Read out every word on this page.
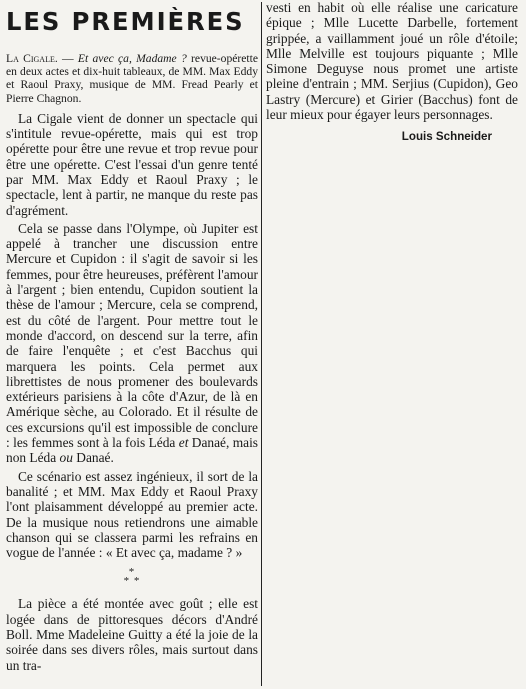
LES PREMIÈRES

La Cigale. — Et avec ça, Madame ? revue-opérette en deux actes et dix-huit tableaux, de MM. Max Eddy et Raoul Praxy, musique de MM. Fread Pearly et Pierre Chagnon.

La Cigale vient de donner un spectacle qui s'intitule revue-opérette, mais qui est trop opérette pour être une revue et trop revue pour être une opérette. C'est l'essai d'un genre tenté par MM. Max Eddy et Raoul Praxy ; le spectacle, lent à partir, ne manque du reste pas d'agrément.

Cela se passe dans l'Olympe, où Jupiter est appelé à trancher une discussion entre Mercure et Cupidon : il s'agit de savoir si les femmes, pour être heureuses, préfèrent l'amour à l'argent ; bien entendu, Cupidon soutient la thèse de l'amour ; Mercure, cela se comprend, est du côté de l'argent. Pour mettre tout le monde d'accord, on descend sur la terre, afin de faire l'enquête ; et c'est Bacchus qui marquera les points. Cela permet aux librettistes de nous promener des boulevards extérieurs parisiens à la côte d'Azur, de là en Amérique sèche, au Colorado. Et il résulte de ces excursions qu'il est impossible de conclure : les femmes sont à la fois Léda et Danaé, mais non Léda ou Danaé.

Ce scénario est assez ingénieux, il sort de la banalité ; et MM. Max Eddy et Raoul Praxy l'ont plaisamment développé au premier acte. De la musique nous retiendrons une aimable chanson qui se classera parmi les refrains en vogue de l'année : « Et avec ça, madame ? »

*
* *

La pièce a été montée avec goût ; elle est logée dans de pittoresques décors d'André Boll. Mme Madeleine Guitty a été la joie de la soirée dans ses divers rôles, mais surtout dans un tra-

vesti en habit où elle réalise une caricature épique ; Mlle Lucette Darbelle, fortement grippée, a vaillamment joué un rôle d'étoile; Mlle Melville est toujours piquante ; Mlle Simone Deguyse nous promet une artiste pleine d'entrain ; MM. Serjius (Cupidon), Geo Lastry (Mercure) et Girier (Bacchus) font de leur mieux pour égayer leurs personnages.

Louis Schneider
